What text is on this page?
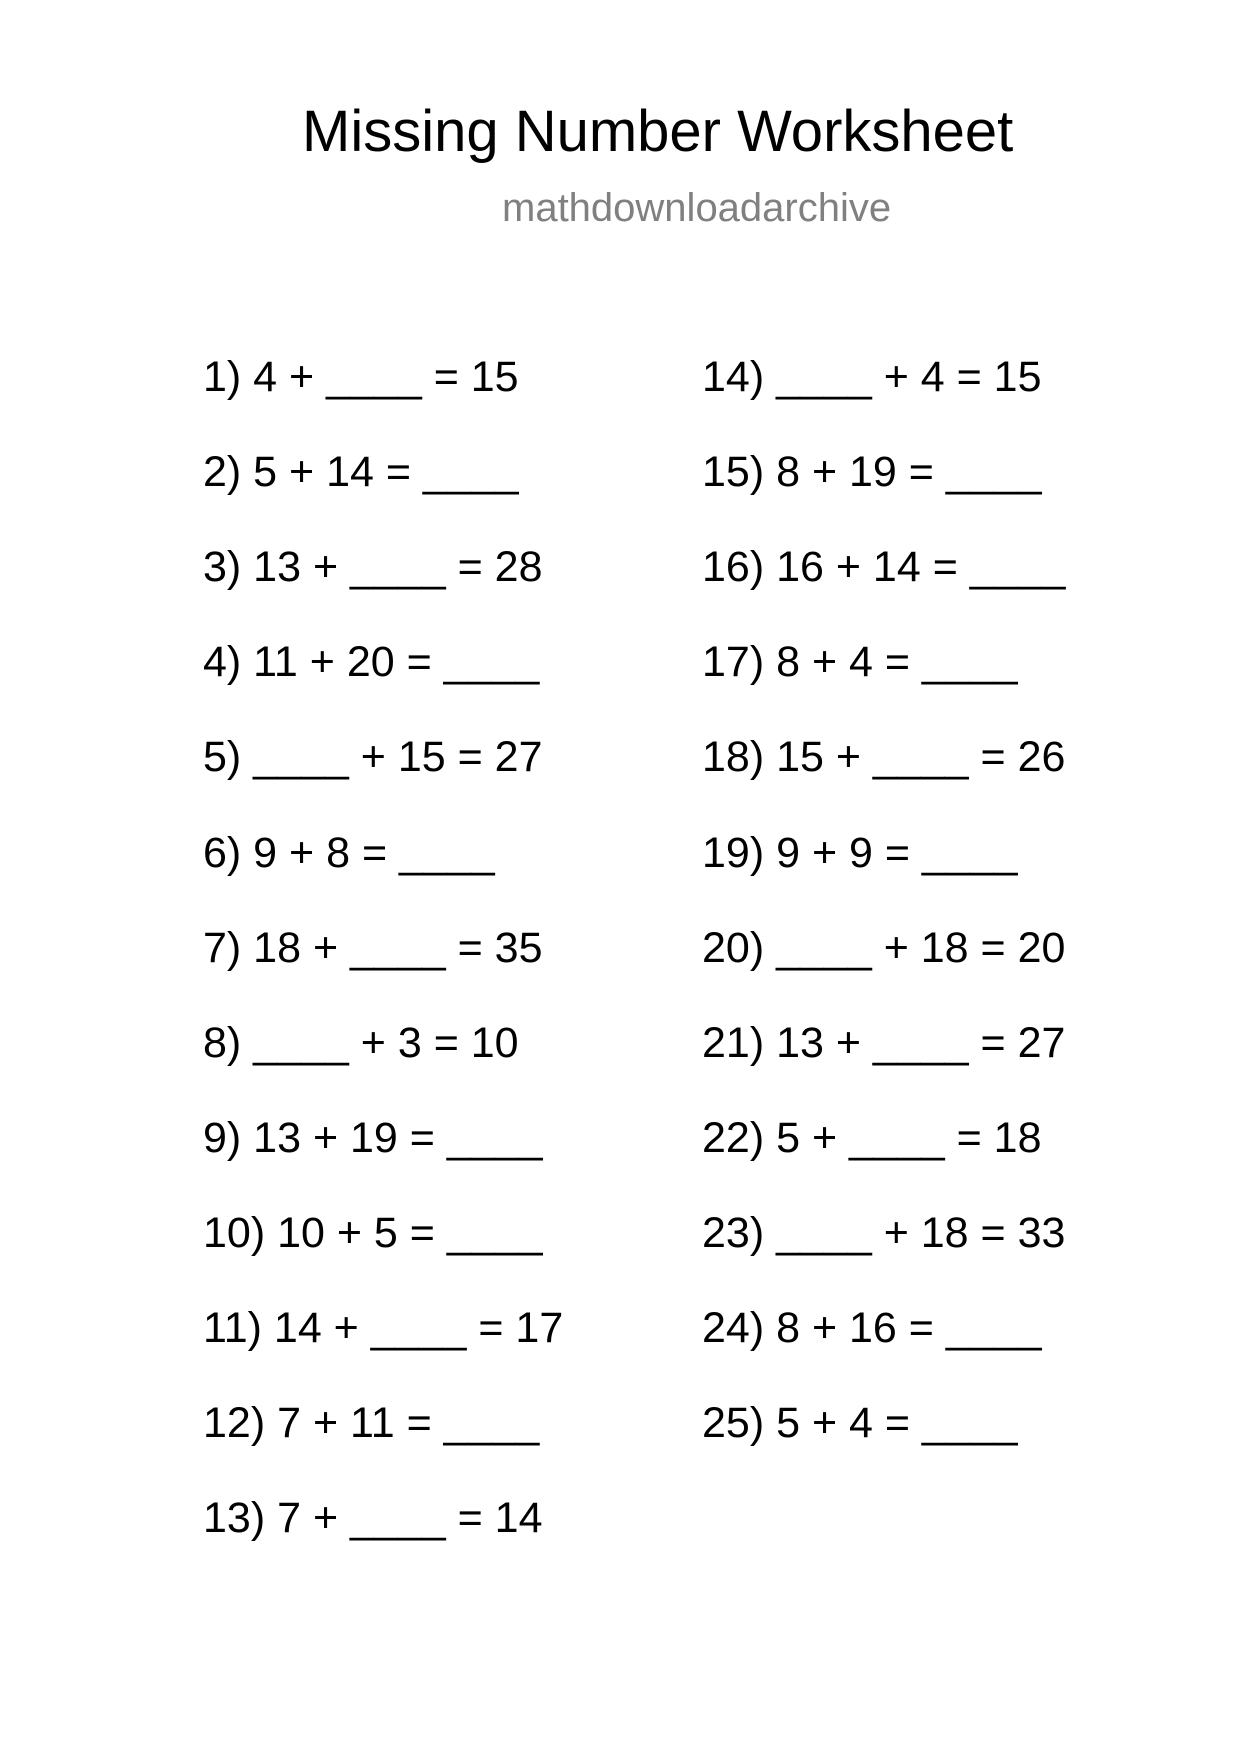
Missing Number Worksheet
mathdownloadarchive
1) 4 + ____ = 15
2) 5 + 14 = ____
3) 13 + ____ = 28
4) 11 + 20 = ____
5) ____ + 15 = 27
6) 9 + 8 = ____
7) 18 + ____ = 35
8) ____ + 3 = 10
9) 13 + 19 = ____
10) 10 + 5 = ____
11) 14 + ____ = 17
12) 7 + 11 = ____
13) 7 + ____ = 14
14) ____ + 4 = 15
15) 8 + 19 = ____
16) 16 + 14 = ____
17) 8 + 4 = ____
18) 15 + ____ = 26
19) 9 + 9 = ____
20) ____ + 18 = 20
21) 13 + ____ = 27
22) 5 + ____ = 18
23) ____ + 18 = 33
24) 8 + 16 = ____
25) 5 + 4 = ____
